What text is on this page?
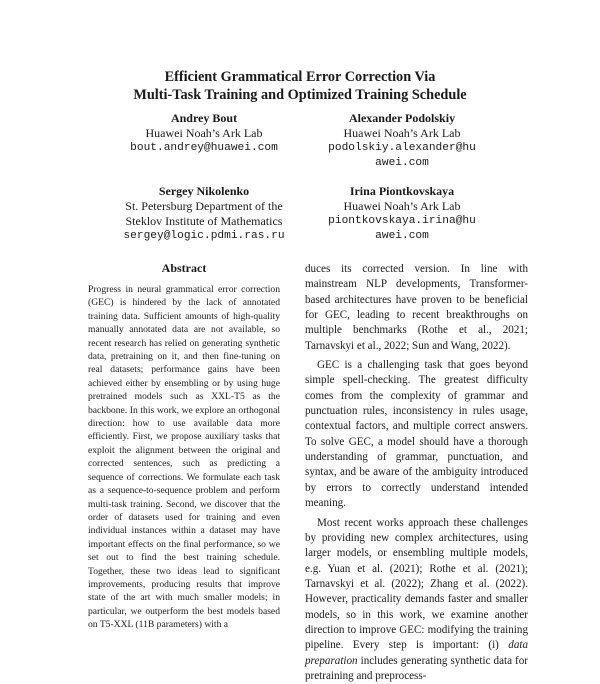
Efficient Grammatical Error Correction Via
Multi-Task Training and Optimized Training Schedule
Andrey Bout
Huawei Noah’s Ark Lab
bout.andrey@huawei.com
Alexander Podolskiy
Huawei Noah’s Ark Lab
podolskiy.alexander@huawei.com
Sergey Nikolenko
St. Petersburg Department of the Steklov Institute of Mathematics
sergey@logic.pdmi.ras.ru
Irina Piontkovskaya
Huawei Noah’s Ark Lab
piontkovskaya.irina@huawei.com
Abstract

Progress in neural grammatical error correction (GEC) is hindered by the lack of annotated training data. Sufficient amounts of high-quality manually annotated data are not available, so recent research has relied on generating synthetic data, pretraining on it, and then fine-tuning on real datasets; performance gains have been achieved either by ensembling or by using huge pretrained models such as XXL-T5 as the backbone. In this work, we explore an orthogonal direction: how to use available data more efficiently. First, we propose auxiliary tasks that exploit the alignment between the original and corrected sentences, such as predicting a sequence of corrections. We formulate each task as a sequence-to-sequence problem and perform multi-task training. Second, we discover that the order of datasets used for training and even individual instances within a dataset may have important effects on the final performance, so we set out to find the best training schedule. Together, these two ideas lead to significant improvements, producing results that improve state of the art with much smaller models; in particular, we outperform the best models based on T5-XXL (11B parameters) with a

duces its corrected version. In line with mainstream NLP developments, Transformer-based architectures have proven to be beneficial for GEC, leading to recent breakthroughs on multiple benchmarks (Rothe et al., 2021; Tarnavskyi et al., 2022; Sun and Wang, 2022).

GEC is a challenging task that goes beyond simple spell-checking. The greatest difficulty comes from the complexity of grammar and punctuation rules, inconsistency in rules usage, contextual factors, and multiple correct answers. To solve GEC, a model should have a thorough understanding of grammar, punctuation, and syntax, and be aware of the ambiguity introduced by errors to correctly understand intended meaning.

Most recent works approach these challenges by providing new complex architectures, using larger models, or ensembling multiple models, e.g. Yuan et al. (2021); Rothe et al. (2021); Tarnavskyi et al. (2022); Zhang et al. (2022). However, practicality demands faster and smaller models, so in this work, we examine another direction to improve GEC: modifying the training pipeline. Every step is important: (i) data preparation includes generating synthetic data for pretraining and preprocess-
